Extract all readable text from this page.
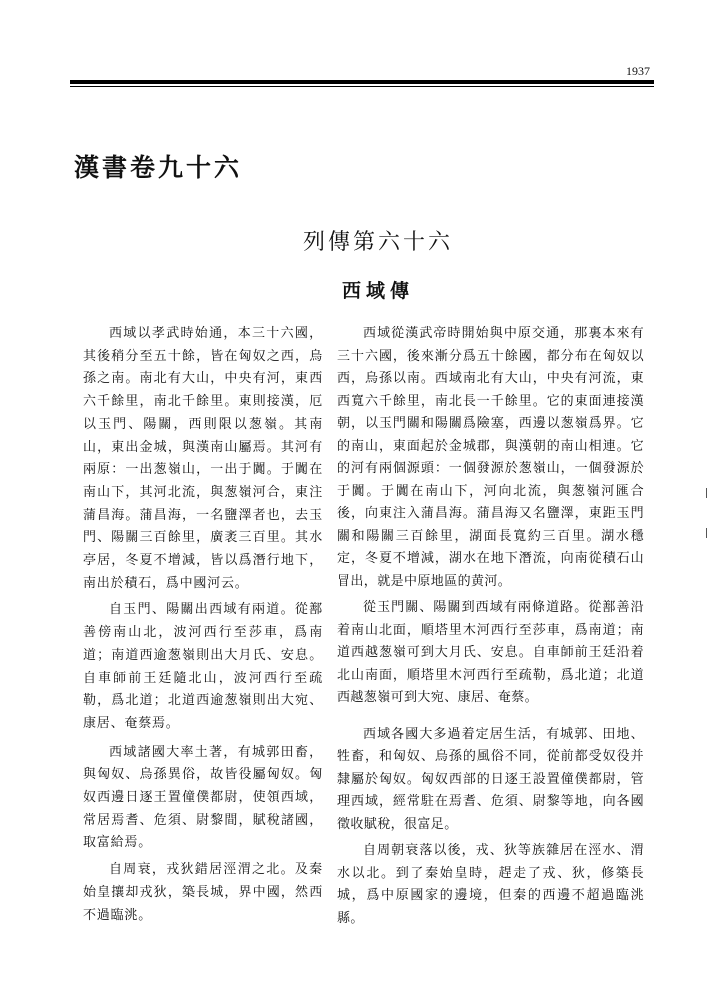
1937
漢書卷九十六
列傳第六十六
西域傳

西域以孝武時始通，本三十六國，其後稍分至五十餘，皆在匈奴之西，烏孫之南。南北有大山，中央有河，東西六千餘里，南北千餘里。東則接漢，厄以玉門、陽關，西則限以葱嶺。其南山，東出金城，與漢南山屬焉。其河有兩原：一出葱嶺山，一出于闐。于闐在南山下，其河北流，與葱嶺河合，東注蒲昌海。蒲昌海，一名鹽澤者也，去玉門、陽關三百餘里，廣袤三百里。其水亭居，冬夏不增減，皆以爲潛行地下，南出於積石，爲中國河云。

自玉門、陽關出西域有兩道。從鄯善傍南山北，波河西行至莎車，爲南道；南道西逾葱嶺則出大月氏、安息。自車師前王廷隨北山，波河西行至疏勒，爲北道；北道西逾葱嶺則出大宛、康居、奄蔡焉。

西域諸國大率土著，有城郭田畜，與匈奴、烏孫異俗，故皆役屬匈奴。匈奴西邊日逐王置僮僕都尉，使領西域，常居焉耆、危須、尉黎間，賦稅諸國，取富給焉。

自周衰，戎狄錯居涇渭之北。及秦始皇攘却戎狄，築長城，界中國，然西不過臨洮。

西域從漢武帝時開始與中原交通，那裏本來有三十六國，後來漸分爲五十餘國，都分布在匈奴以西，烏孫以南。西域南北有大山，中央有河流，東西寬六千餘里，南北長一千餘里。它的東面連接漢朝，以玉門關和陽關爲險塞，西邊以葱嶺爲界。它的南山，東面起於金城郡，與漢朝的南山相連。它的河有兩個源頭：一個發源於葱嶺山，一個發源於于闐。于闐在南山下，河向北流，與葱嶺河匯合後，向東注入蒲昌海。蒲昌海又名鹽澤，東距玉門關和陽關三百餘里，湖面長寬約三百里。湖水穩定，冬夏不增減，湖水在地下潛流，向南從積石山冒出，就是中原地區的黄河。

從玉門關、陽關到西域有兩條道路。從鄯善沿着南山北面，順塔里木河西行至莎車，爲南道；南道西越葱嶺可到大月氏、安息。自車師前王廷沿着北山南面，順塔里木河西行至疏勒，爲北道；北道西越葱嶺可到大宛、康居、奄蔡。

西域各國大多過着定居生活，有城郭、田地、牲畜，和匈奴、烏孫的風俗不同，從前都受奴役并隸屬於匈奴。匈奴西部的日逐王設置僮僕都尉，管理西域，經常駐在焉耆、危須、尉黎等地，向各國徵收賦稅，很富足。

自周朝衰落以後，戎、狄等族雜居在涇水、渭水以北。到了秦始皇時，趕走了戎、狄，修築長城，爲中原國家的邊境，但秦的西邊不超過臨洮縣。
